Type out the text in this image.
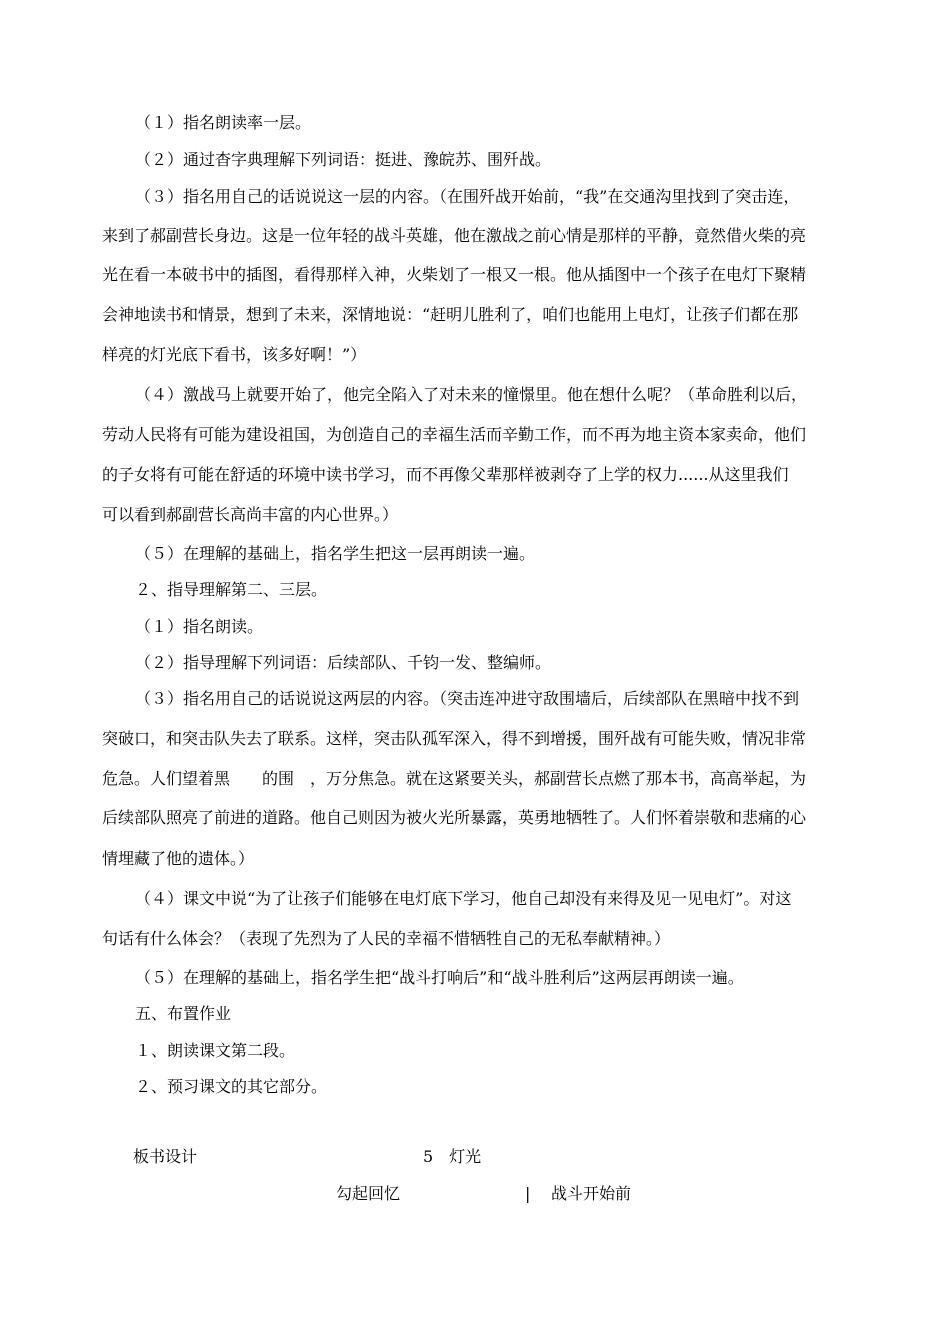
（１）指名朗读率一层。
（２）通过杳字典理解下列词语：挺进、豫皖苏、围歼战。
（３）指名用自己的话说说这一层的内容。（在围歼战开始前，“我”在交通沟里找到了突击连，
来到了郝副营长身边。这是一位年轻的战斗英雄，他在激战之前心情是那样的平静，竟然借火柴的亮
光在看一本破书中的插图，看得那样入神，火柴划了一根又一根。他从插图中一个孩子在电灯下聚精
会神地读书和情景，想到了未来，深情地说：“赶明儿胜利了，咱们也能用上电灯，让孩子们都在那
样亮的灯光底下看书，该多好啊！”）
（４）激战马上就要开始了，他完全陷入了对未来的憧憬里。他在想什么呢？（革命胜利以后，
劳动人民将有可能为建设祖国，为创造自己的幸福生活而辛勤工作，而不再为地主资本家卖命，他们
的子女将有可能在舒适的环境中读书学习，而不再像父辈那样被剥夺了上学的权力......从这里我们
可以看到郝副营长高尚丰富的内心世界。）
（５）在理解的基础上，指名学生把这一层再朗读一遍。
２、指导理解第二、三层。
（１）指名朗读。
（２）指导理解下列词语：后续部队、千钧一发、整编师。
（３）指名用自己的话说说这两层的内容。（突击连冲进守敌围墙后，后续部队在黑暗中找不到
突破口，和突击队失去了联系。这样，突击队孤军深入，得不到增援，围歼战有可能失败，情况非常
危急。人们望着黑　　的围　，万分焦急。就在这紧要关头，郝副营长点燃了那本书，高高举起，为
后续部队照亮了前进的道路。他自己则因为被火光所暴露，英勇地牺牲了。人们怀着崇敬和悲痛的心
情埋藏了他的遗体。）
（４）课文中说“为了让孩子们能够在电灯底下学习，他自己却没有来得及见一见电灯”。对这
句话有什么体会？（表现了先烈为了人民的幸福不惜牺牲自己的无私奉献精神。）
（５）在理解的基础上，指名学生把“战斗打响后”和“战斗胜利后”这两层再朗读一遍。
五、布置作业
１、朗读课文第二段。
２、预习课文的其它部分。
板书设计	5　灯光
勾起回忆	| 战斗开始前
